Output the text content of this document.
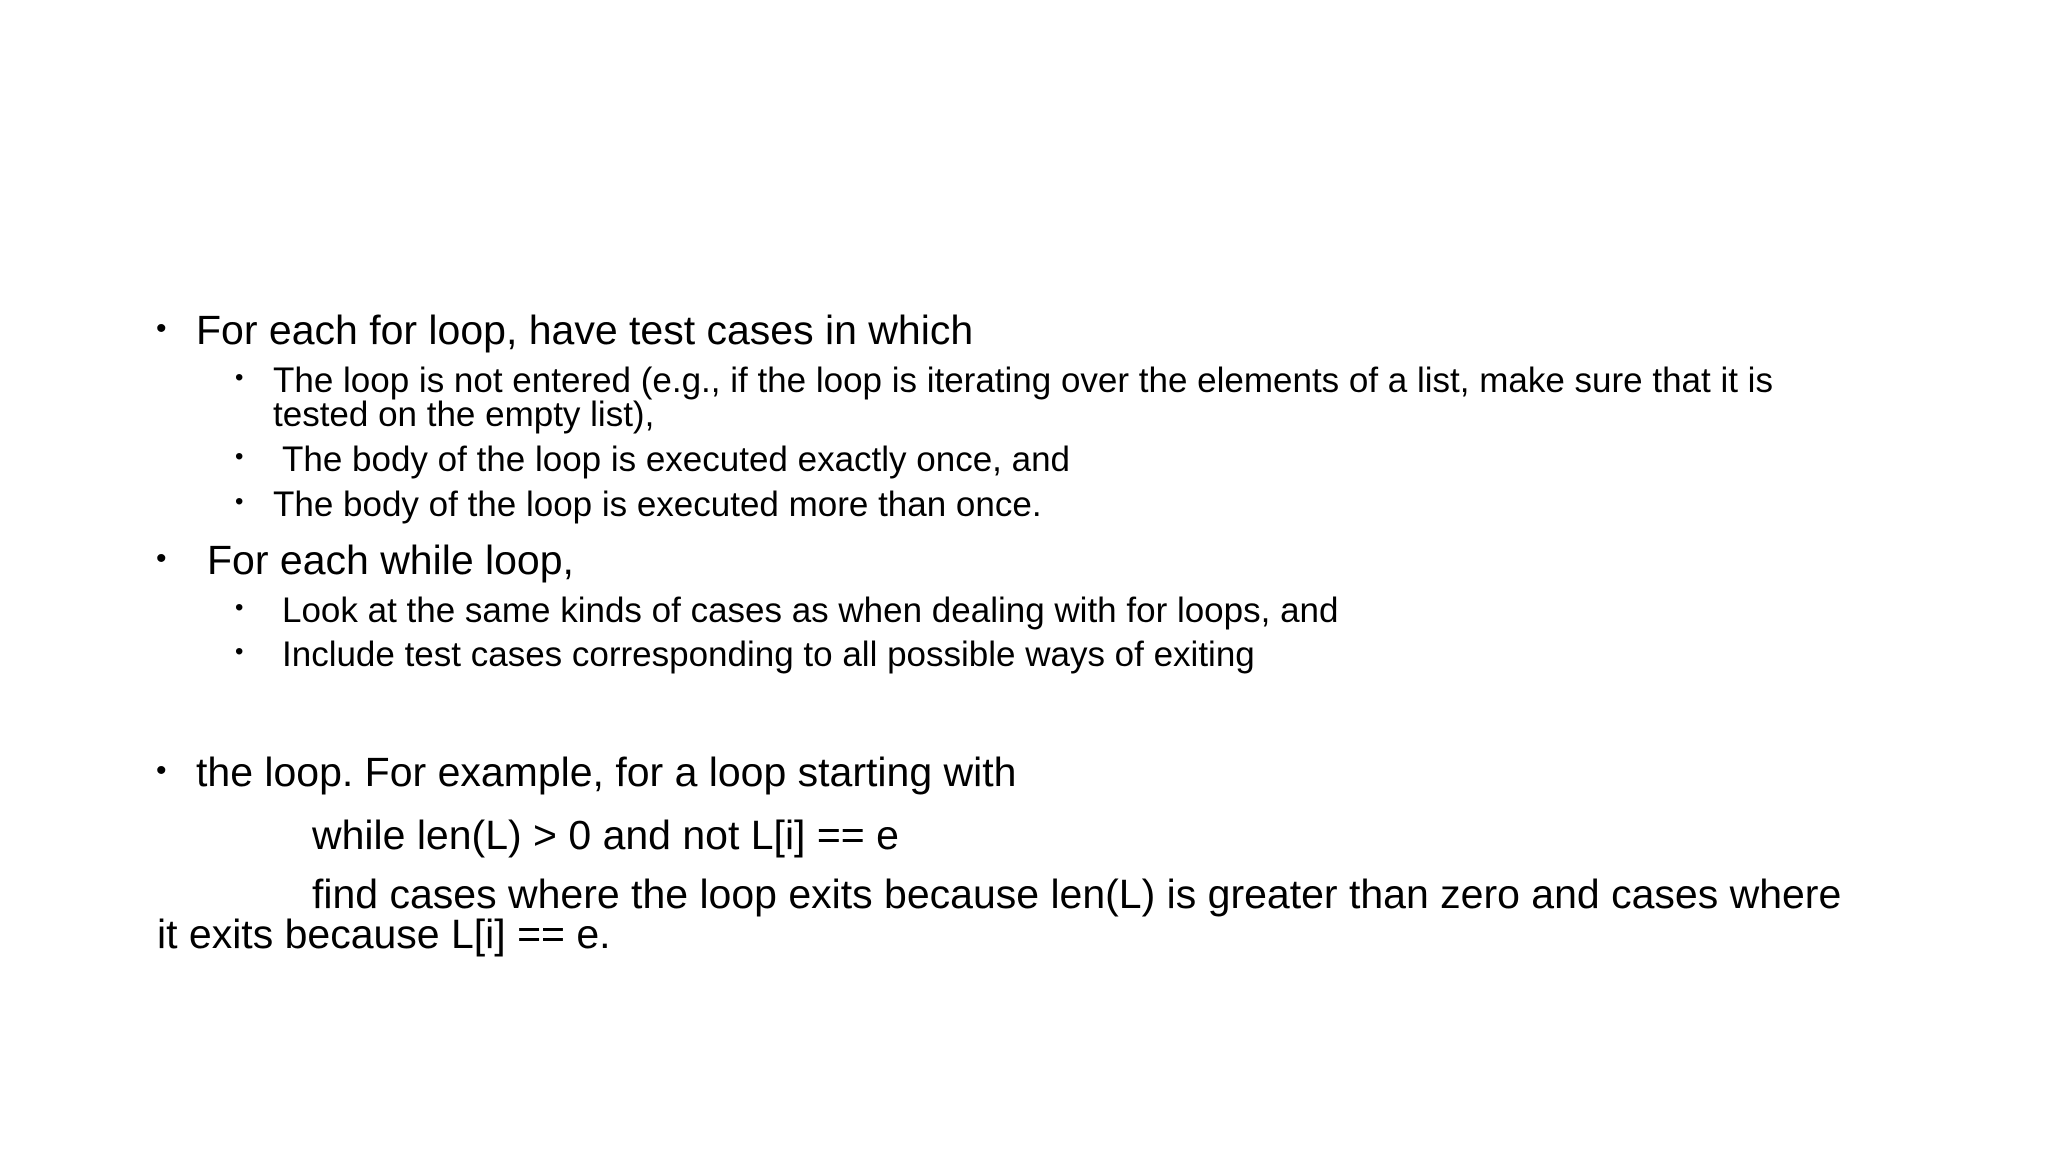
• For each for loop, have test cases in which
• The loop is not entered (e.g., if the loop is iterating over the elements of a list, make sure that it is
tested on the empty list),
• The body of the loop is executed exactly once, and
• The body of the loop is executed more than once.
• For each while loop,
• Look at the same kinds of cases as when dealing with for loops, and
• Include test cases corresponding to all possible ways of exiting
• the loop. For example, for a loop starting with
while len(L) > 0 and not L[i] == e
find cases where the loop exits because len(L) is greater than zero and cases where
it exits because L[i] == e.
